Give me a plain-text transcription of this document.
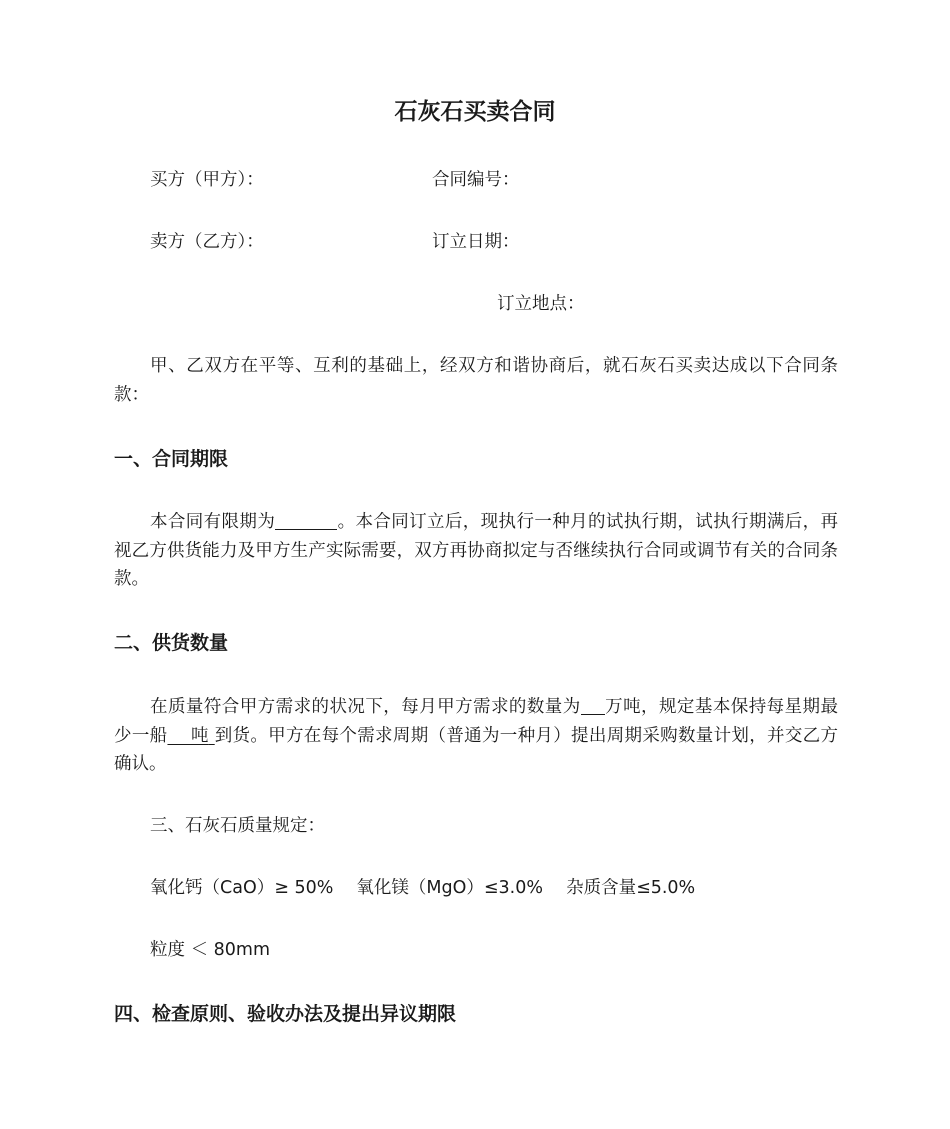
石灰石买卖合同
买方（甲方）：	合同编号：
卖方（乙方）：	订立日期：
订立地点：
甲、乙双方在平等、互利的基础上，经双方和谐协商后，就石灰石买卖达成以下合同条款：
一、合同期限
本合同有限期为	。本合同订立后，现执行一种月的试执行期，试执行期满后，再视乙方供货能力及甲方生产实际需要，双方再协商拟定与否继续执行合同或调节有关的合同条款。
二、供货数量
在质量符合甲方需求的状况下，每月甲方需求的数量为 万吨，规定基本保持每星期最少一船 吨 到货。甲方在每个需求周期（普通为一种月）提出周期采购数量计划，并交乙方确认。
三、石灰石质量规定：
氧化钙（CaO）≥ 50%　 氧化镁（MgO）≤3.0%　 杂质含量≤5.0%
粒度 ＜ 80mm
四、检查原则、验收办法及提出异议期限
